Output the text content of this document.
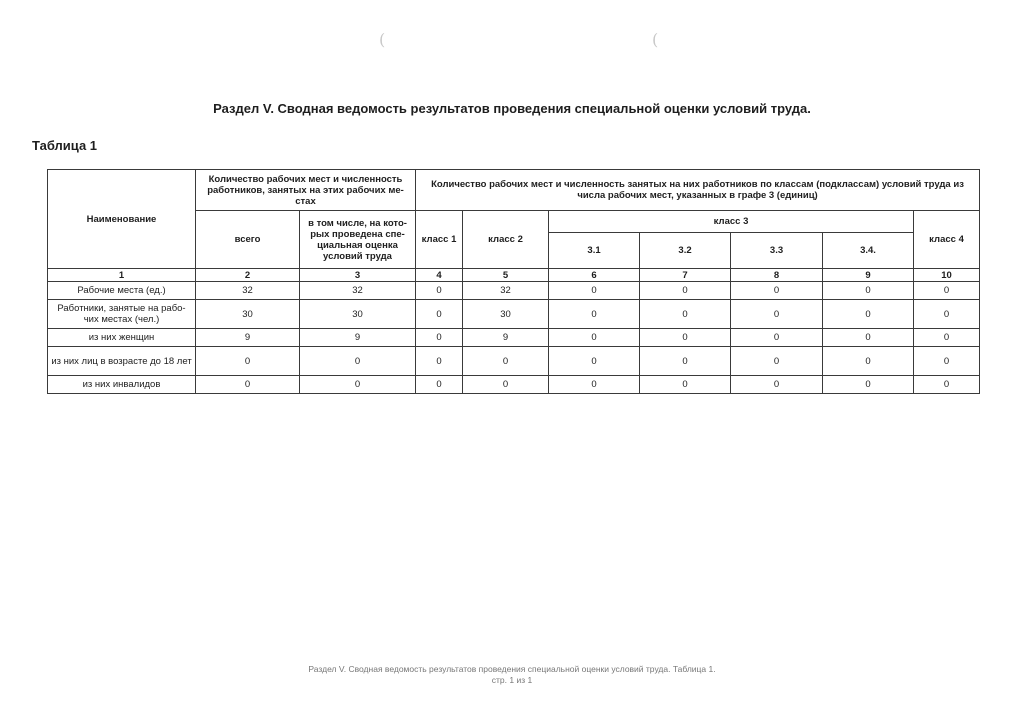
(	(
Раздел V. Сводная ведомость результатов проведения специальной оценки условий труда.
Таблица 1
Наименование	Количество рабочих мест и численность работников, занятых на этих рабочих ме-стах		Количество рабочих мест и численность занятых на них работников по классам (подклассам) условий труда из числа рабочих мест, указанных в графе 3 (единиц)						
	всего	в том числе, на кото-рых проведена спе-циальная оценка условий труда	класс 1	класс 2	класс 3				класс 4
					3.1	3.2	3.3	3.4.	
1	2	3	4	5	6	7	8	9	10
Рабочие места (ед.)	32	32	0	32	0	0	0	0	0
Работники, занятые на рабо-чих местах (чел.)	30	30	0	30	0	0	0	0	0
из них женщин	9	9	0	9	0	0	0	0	0
из них лиц в возрасте до 18 лет	0	0	0	0	0	0	0	0	0
из них инвалидов	0	0	0	0	0	0	0	0	0
Раздел V. Сводная ведомость результатов проведения специальной оценки условий труда. Таблица 1.
стр. 1 из 1
